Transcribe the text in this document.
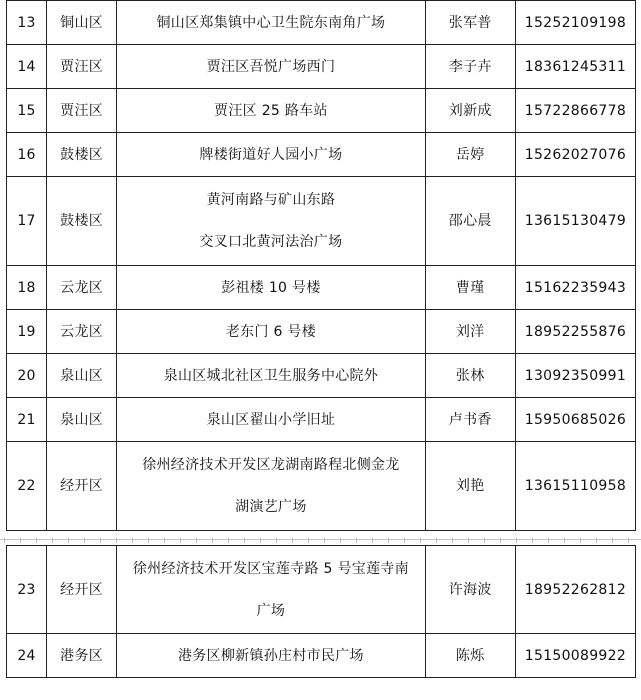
13	铜山区	铜山区郑集镇中心卫生院东南角广场	张军普	15252109198
14	贾汪区	贾汪区吾悦广场西门	李子卉	18361245311
15	贾汪区	贾汪区 25 路车站	刘新成	15722866778
16	鼓楼区	牌楼街道好人园小广场	岳婷	15262027076
17	鼓楼区	黄河南路与矿山东路
交叉口北黄河法治广场	邵心晨	13615130479
18	云龙区	彭祖楼 10 号楼	曹瑾	15162235943
19	云龙区	老东门 6 号楼	刘洋	18952255876
20	泉山区	泉山区城北社区卫生服务中心院外	张林	13092350991
21	泉山区	泉山区翟山小学旧址	卢书香	15950685026
22	经开区	徐州经济技术开发区龙湖南路程北侧金龙
湖演艺广场	刘艳	13615110958
23	经开区	徐州经济技术开发区宝莲寺路 5 号宝莲寺南
广场	许海波	18952262812
24	港务区	港务区柳新镇孙庄村市民广场	陈烁	15150089922
